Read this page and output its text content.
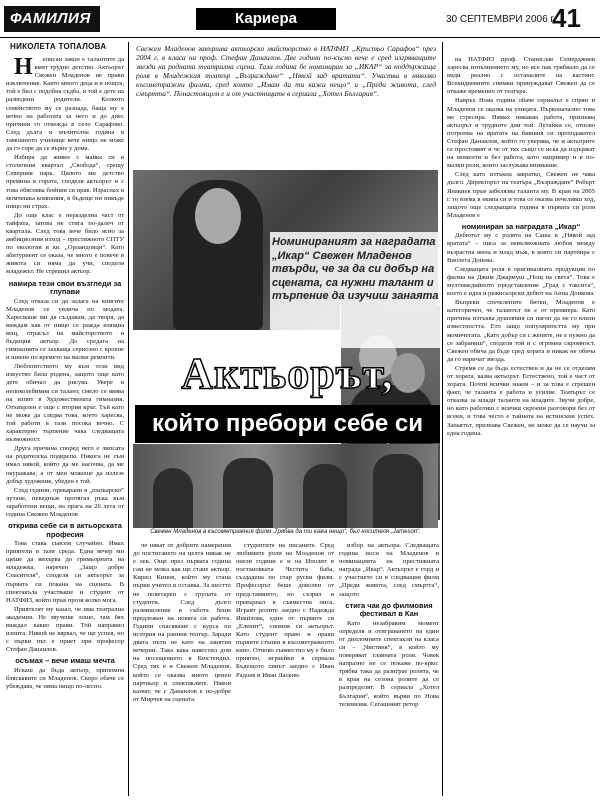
ФАМИЛИЯ	Кариера	30 СЕПТЕМВРИ 2006 г.
41
НИКОЛЕТА ТОПАЛОВА	Свежен Младенов завършва актьорско майсторство в НАТФИЗ „Кръстьо Сарафов“ през 2004 г. в класа на проф. Стефан Данаилов. Две години по-късно вече е сред изгряващите звезди на родната театрална сцена. Тази година бе номиниран за „ИКАР“ за поддържаща роля в Младежкия театър „Възраждане“ „Някой зад вратата“. Участва в няколко късометражни филма, сред които „Имам да ти кажа нещо“ и „Преди живота, след смъртта“. Понастоящем е и от участниците в сериала „Хотел България“.
Номинираният за наградата „Икар“ Свежен Младенов твърди, че за да си добър на сцената, са нужни талант и търпение да изучиш занаята
Актьорът,
който пребори себе си
Свежен Младенов в късометражния филм „Трябва да ти кажа нещо“, бъл носителя „Jameson“.

Н еписан закон е талантите да вмят трудно детство. Актьорът Свежен Младенов не прави изключение. Както много деца и в нощта, той е бил с подобна съдба, и той е дете на разведени родители. Колкото семейството му се разпада, баща му е вечно на работата за него и до днес причини го отвежда в село Сарафово. След дълга и мъчителна година в тамошното училище вече нищо не може да го спре да се върне у дома.

Избира да живее с майка си в столичния квартал „Свобода“, срещу Северния парк. Цялото ми детство премина в гората, споделя актьорът и с това обяснява бойния си нрав. Израснах в момчешка компания, в бъдеще ни никъде нищо ни страх.

До още клас е неразделна част от тайфата, затова не стига по-далеч от квартала. След това вече било ясно за амбициозния изход – престижното СПТУ по екология в кв. „Орландовци“. Като абитуриент се оказа, че много е повече в живота си няма да учи, споделя младежът. Не сгрешил актьор.

намира тези свои възгледи за глупави

След отказа си да залага на книгите Младенов се увлича по модата. Харесваше ми да създавам, да творя, да виждам как от нищо се ражда изящна вещ, отрасъл на майсторството и бъдещия актьор. До средата на гимназията се захваща сериозно с кроене и шиене по времето на малки ремонти.

Любопитството му към този вид изкуство била родена, защото още като дете обичал да рисува. Увере в непоколебимия си талант, смело се явява на изпит в Художествената гимназия. Отхвърлен е още с втория кръг. Тъй като не може да следва това, което харесва, той работи в тази посока вечно. С характерно търпение чака следващата възможност.

Друга причина според него е липсата на родителска подкрепа. Никога не съм имал някой, който да ме насочва, да ме окуражава, а от мен можеше да излезе добър художник, убеден е той.

След години, прекарани в „пъпкарско“ лутане, неведнъж протягал ръка към заработени вещи, на прага на 26 лета от година Свежен Младенов

открива себе си в актьорската професия

Това става съвсем случайно. Имах приятели в тази среда. Една вечер ми щеше да вихърва до гримьорната на младежка, наречен „Защо добре Спасителя“, споделя си актьорът за първата си покана на сцената. В спектакъла участваше и студент от НАТФИЗ, който пръв прозя колко мога.

Приятелят му казал, че има театрална академия. Не звучеше лошо, там бях виждал какво прави. Той направил изпита. Никой не вярвал, че ще успея, но с първи път е приет при професор Стефан Данаилов.

осъмах – вече имаш мечта

Искаш да бъда актьор, припомня бляскавите си Младенов. Скоро обаче се убеждава, че няма нищо по-лесно.

че някат от добрите намерения до постигането на целта никак не е лек. Още през първата година сам не можа как ще стане актьор. Кирил Кинов, който му стана първи учител в оставка. За шестте не поветарен с групата от студенти. След дълго размишление в събота беше предложен на новата си работа. Години спасяваше с курса по история на ранния театър. Заради двата пъти не като на занятия вечерни. Така кака навестил дом на посещението в Кюстендил. Сред тях е и Свежен Младенов, който се оказва много ценен партньор в спектаклите. Някои казват, че с Данаилов е по-добре от Мирчев на сцената.

студентите на писаните. Сред любимите роли на Младенов от онези години е и на Иполит в постановката Честита баба, създадена по стар руски филм. Професорът беше доволен от представянето, но съзрял и превърнал в съвместна писа. Играят ролите заедно с Надежда Ивайлова, един от първите си „Еленит“, спомня си актьорът. Като студент право и прави първите стъпки в късометражното кино. Отново съвместно му е било приятно, играейки в сериала Бъдещото синът заедно с Иван Радоев и Иван Ласкин.

избор на актьора. Следващата година носи на Младенов в номинацията на престижната награда „Икар“. Актьорът е горд и с участието си в следващия филм „Преди живота, след смъртта“, защото

стига чак до филмовия фестивал в Кан

Като незабравим момент определя и отиграването на един от дипломните спектакли на класа си – „Чистиня“, в който му поверяват главната роля. Човек напразно не се покаже по-ярко: трябва така да разиграе ролята, че в края на сезона ролите да се разпределят. В сериала „Хотел България“, който върви по Нова телевизия. Сегашният ретор

на НАТФИЗ проф. Станислав Семерджиев харесва изпълнението му, но все пак трябвало да се види реално с останалите на кастинг. Всекидневните снимки принуждават Свежен да се откаже временно от театъра.

Навръх Нова година обаче сериалът е спрян и Младенов се оказва на улицата. Първоначално това ме стресира. Нямах никаква работа, признава актьорът и трудните дни той. Лутайки се, отново потропва на вратата на бившия си преподавател Стефан Данаилов, който го уверява, че и актьорите се простоявят и че от тях също се иска да издържат на моменти и без работа, като например и в по-малки роли, които заслужава внимание.

След като изтъкна закратко, Свежен не чака дълго. Директорът на театъра „Възраждане“ Робърт Янакиев пръв забелязва таланта му. В края на 2005 г. го взема в екипа си и това се оказва печеливш ход, защото още следващата година в първата си роля Младенов е

номиниран за наградата „Икар“

Дебютът му с ролята на Саша в „Някой зад вратата“ – писа за невъзможната любов между възрастна жена и млад мъж, в която си партнира с Виолета Донева.

Следващата роля в оригиналната продукция по филма на Джим Джармуш „Нощ на света“. Това е мултимедийното представление „Град с таксита“, което е идея и режисьорски дебют на Анна Донкова.

Въпреки спечелените битки, Младенов е категоричен, че талантът не е от премиера. Като причина изтъква душевния си нагон да не го влизи известността. Ето защо популярността му при момичетата. „Като добър си с жените, не е нужно да се забраниш“, споделя той и с огромна скромност. Свежен обича да бъде сред хората и никак не обича да го наричат звезда.

Стремя се да бъда естествен и да не се отделям от хората, казва актьорът. Естествено, той е част от хората. Почти всички знаем – и за това е сгрешен факт, че таланта е работа и усилие. Театърът се отказва за млади таланти на младите. Звучи добре, но като работиш с всички скроени разговори без от всеки, и това често е тайната на истинския успех. Занаятът, признава Свежен, не може да се научи за една година.
